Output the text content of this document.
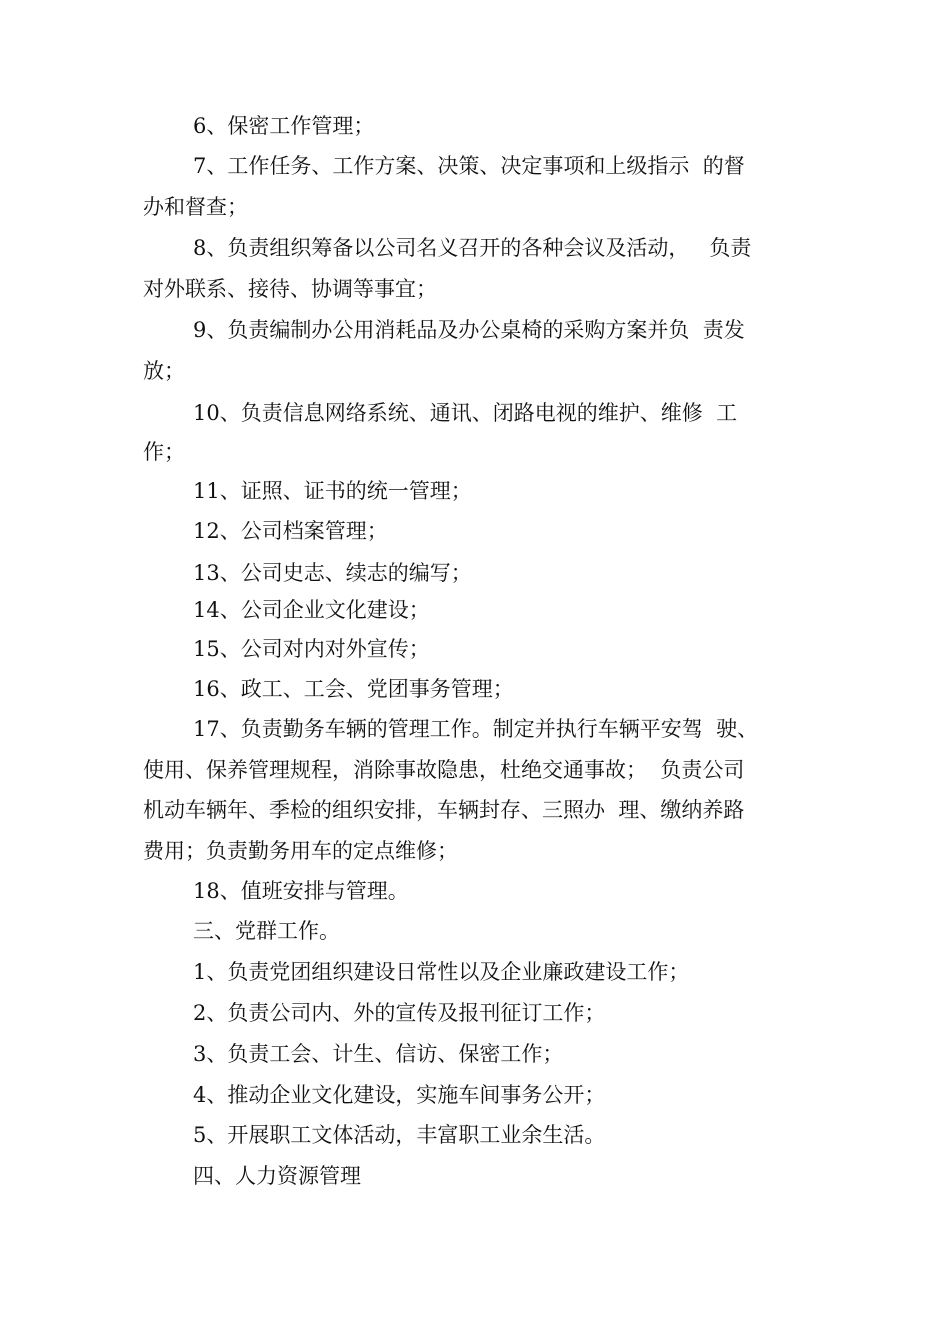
6、保密工作管理；
7、工作任务、工作方案、决策、决定事项和上级指示  的督
办和督查；
8、负责组织筹备以公司名义召开的各种会议及活动，   负责
对外联系、接待、协调等事宜；
9、负责编制办公用消耗品及办公桌椅的采购方案并负  责发
放；
10、负责信息网络系统、通讯、闭路电视的维护、维修  工
作；
11、证照、证书的统一管理；
12、公司档案管理；
13、公司史志、续志的编写；
14、公司企业文化建设；
15、公司对内对外宣传；
16、政工、工会、党团事务管理；
17、负责勤务车辆的管理工作。制定并执行车辆平安驾  驶、
使用、保养管理规程，消除事故隐患，杜绝交通事故；  负责公司
机动车辆年、季检的组织安排，车辆封存、三照办  理、缴纳养路
费用；负责勤务用车的定点维修；
18、值班安排与管理。
三、党群工作。
1、负责党团组织建设日常性以及企业廉政建设工作；
2、负责公司内、外的宣传及报刊征订工作；
3、负责工会、计生、信访、保密工作；
4、推动企业文化建设，实施车间事务公开；
5、开展职工文体活动，丰富职工业余生活。
四、人力资源管理
